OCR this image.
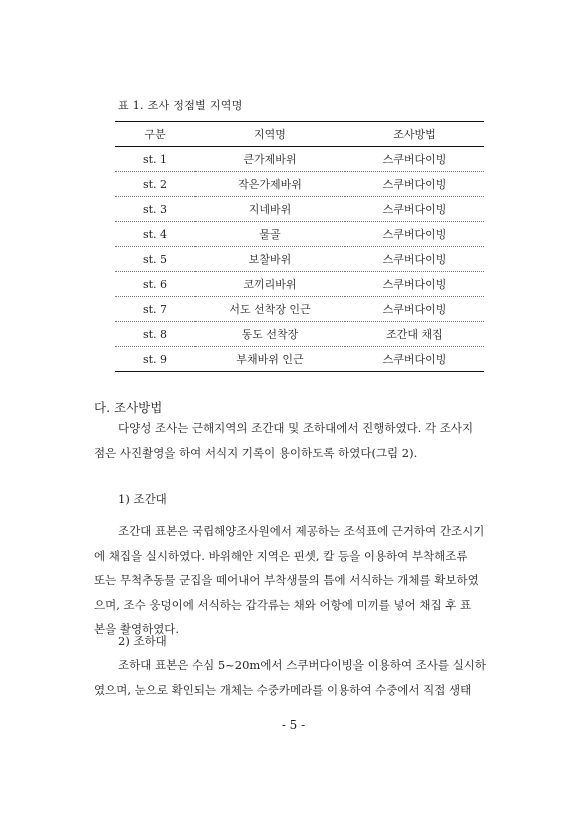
표 1. 조사 정점별 지역명
구분	지역명	조사방법
st. 1	큰가제바위	스쿠버다이빙
st. 2	작은가제바위	스쿠버다이빙
st. 3	지네바위	스쿠버다이빙
st. 4	물골	스쿠버다이빙
st. 5	보찰바위	스쿠버다이빙
st. 6	코끼리바위	스쿠버다이빙
st. 7	서도 선착장 인근	스쿠버다이빙
st. 8	동도 선착장	조간대 채집
st. 9	부채바위 인근	스쿠버다이빙
다. 조사방법
다양성 조사는 근해지역의 조간대 및 조하대에서 진행하였다. 각 조사지
점은 사진촬영을 하여 서식지 기록이 용이하도록 하였다(그림 2).
1) 조간대
조간대 표본은 국립해양조사원에서 제공하는 조석표에 근거하여 간조시기
에 채집을 실시하였다. 바위해안 지역은 핀셋, 칼 등을 이용하여 부착해조류
또는 무척추동물 군집을 떼어내어 부착생물의 틈에 서식하는 개체를 확보하였
으며, 조수 웅덩이에 서식하는 갑각류는 채와 어항에 미끼를 넣어 채집 후 표
본을 촬영하였다.
2) 조하대
조하대 표본은 수심 5~20m에서 스쿠버다이빙을 이용하여 조사를 실시하
였으며, 눈으로 확인되는 개체는 수중카메라를 이용하여 수중에서 직접 생태
- 5 -
